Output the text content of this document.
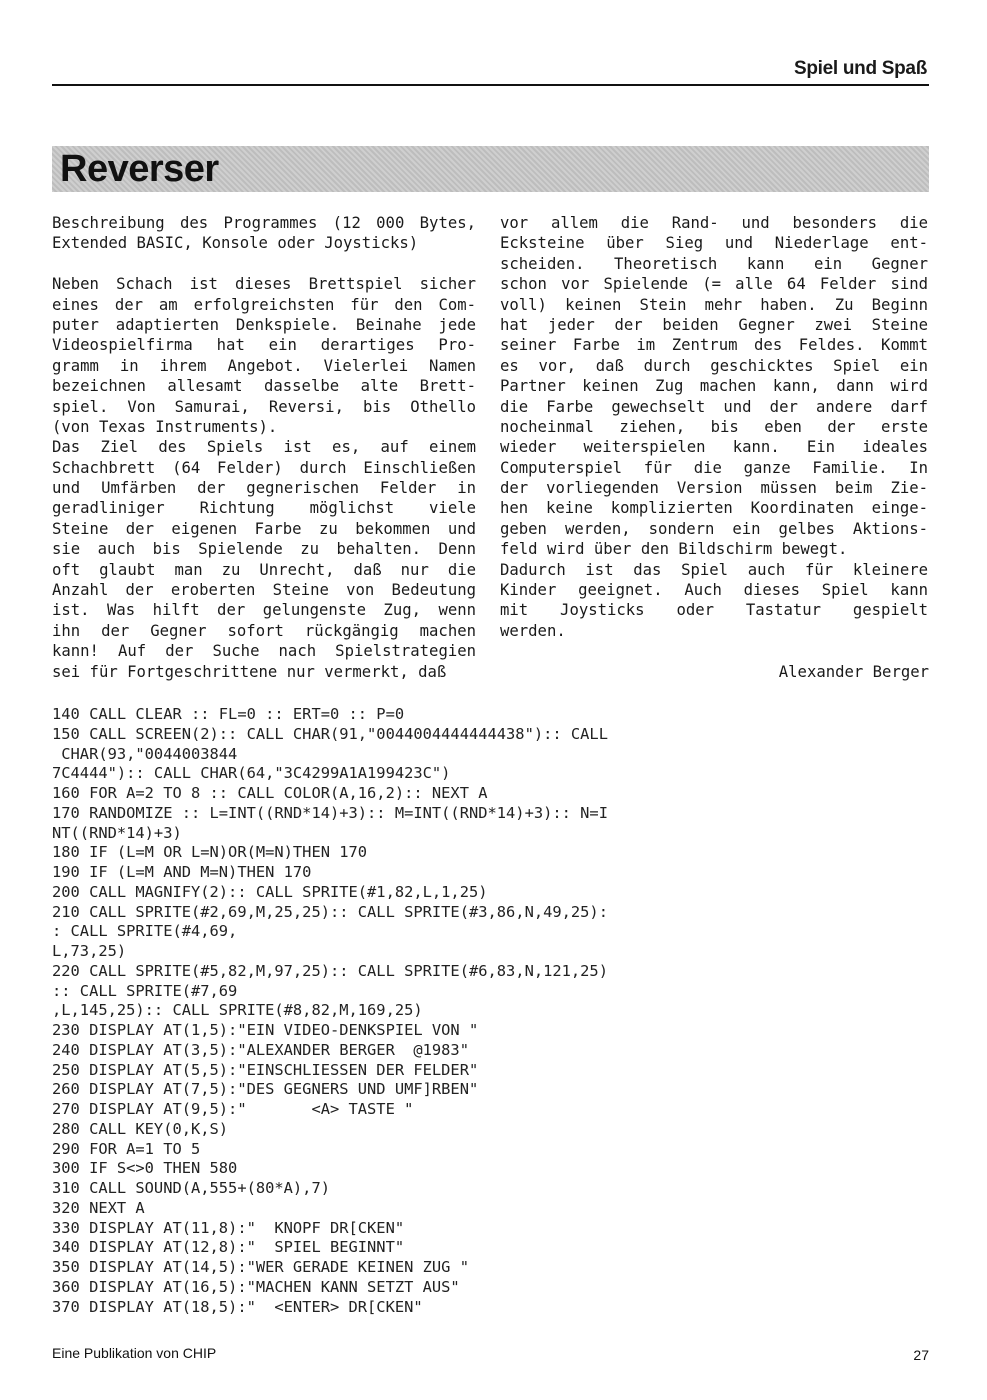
Spiel und Spaß
Reverser
Beschreibung des Programmes (12 000 Bytes,
Extended BASIC, Konsole oder Joysticks)

Neben Schach ist dieses Brettspiel sicher
eines der am erfolgreichsten für den Com-
puter adaptierten Denkspiele. Beinahe jede
Videospielfirma hat ein derartiges Pro-
gramm in ihrem Angebot. Vielerlei Namen
bezeichnen allesamt dasselbe alte Brett-
spiel. Von Samurai, Reversi, bis Othello
(von Texas Instruments).
Das Ziel des Spiels ist es, auf einem
Schachbrett (64 Felder) durch Einschließen
und Umfärben der gegnerischen Felder in
geradliniger Richtung möglichst viele
Steine der eigenen Farbe zu bekommen und
sie auch bis Spielende zu behalten. Denn
oft glaubt man zu Unrecht, daß nur die
Anzahl der eroberten Steine von Bedeutung
ist. Was hilft der gelungenste Zug, wenn
ihn der Gegner sofort rückgängig machen
kann! Auf der Suche nach Spielstrategien
sei für Fortgeschrittene nur vermerkt, daß
vor allem die Rand- und besonders die
Ecksteine über Sieg und Niederlage ent-
scheiden. Theoretisch kann ein Gegner
schon vor Spielende (= alle 64 Felder sind
voll) keinen Stein mehr haben. Zu Beginn
hat jeder der beiden Gegner zwei Steine
seiner Farbe im Zentrum des Feldes. Kommt
es vor, daß durch geschicktes Spiel ein
Partner keinen Zug machen kann, dann wird
die Farbe gewechselt und der andere darf
nocheinmal ziehen, bis eben der erste
wieder weiterspielen kann. Ein ideales
Computerspiel für die ganze Familie. In
der vorliegenden Version müssen beim Zie-
hen keine komplizierten Koordinaten einge-
geben werden, sondern ein gelbes Aktions-
feld wird über den Bildschirm bewegt.
Dadurch ist das Spiel auch für kleinere
Kinder geeignet. Auch dieses Spiel kann
mit Joysticks oder Tastatur gespielt
werden.
Alexander Berger
140 CALL CLEAR :: FL=0 :: ERT=0 :: P=0
150 CALL SCREEN(2):: CALL CHAR(91,"0044004444444438"):: CALL
CHAR(93,"0044003844
7C4444"):: CALL CHAR(64,"3C4299A1A199423C")
160 FOR A=2 TO 8 :: CALL COLOR(A,16,2):: NEXT A
170 RANDOMIZE :: L=INT((RND*14)+3):: M=INT((RND*14)+3):: N=I
NT((RND*14)+3)
180 IF (L=M OR L=N)OR(M=N)THEN 170
190 IF (L=M AND M=N)THEN 170
200 CALL MAGNIFY(2):: CALL SPRITE(#1,82,L,1,25)
210 CALL SPRITE(#2,69,M,25,25):: CALL SPRITE(#3,86,N,49,25):
: CALL SPRITE(#4,69,
L,73,25)
220 CALL SPRITE(#5,82,M,97,25):: CALL SPRITE(#6,83,N,121,25)
:: CALL SPRITE(#7,69
,L,145,25):: CALL SPRITE(#8,82,M,169,25)
230 DISPLAY AT(1,5):"EIN VIDEO-DENKSPIEL VON "
240 DISPLAY AT(3,5):"ALEXANDER BERGER  @1983"
250 DISPLAY AT(5,5):"EINSCHLIESSEN DER FELDER"
260 DISPLAY AT(7,5):"DES GEGNERS UND UMF]RBEN"
270 DISPLAY AT(9,5):"       <A> TASTE "
280 CALL KEY(0,K,S)
290 FOR A=1 TO 5
300 IF S<>0 THEN 580
310 CALL SOUND(A,555+(80*A),7)
320 NEXT A
330 DISPLAY AT(11,8):"  KNOPF DR[CKEN"
340 DISPLAY AT(12,8):"  SPIEL BEGINNT"
350 DISPLAY AT(14,5):"WER GERADE KEINEN ZUG "
360 DISPLAY AT(16,5):"MACHEN KANN SETZT AUS"
370 DISPLAY AT(18,5):"  <ENTER> DR[CKEN"
Eine Publikation von CHIP	27
